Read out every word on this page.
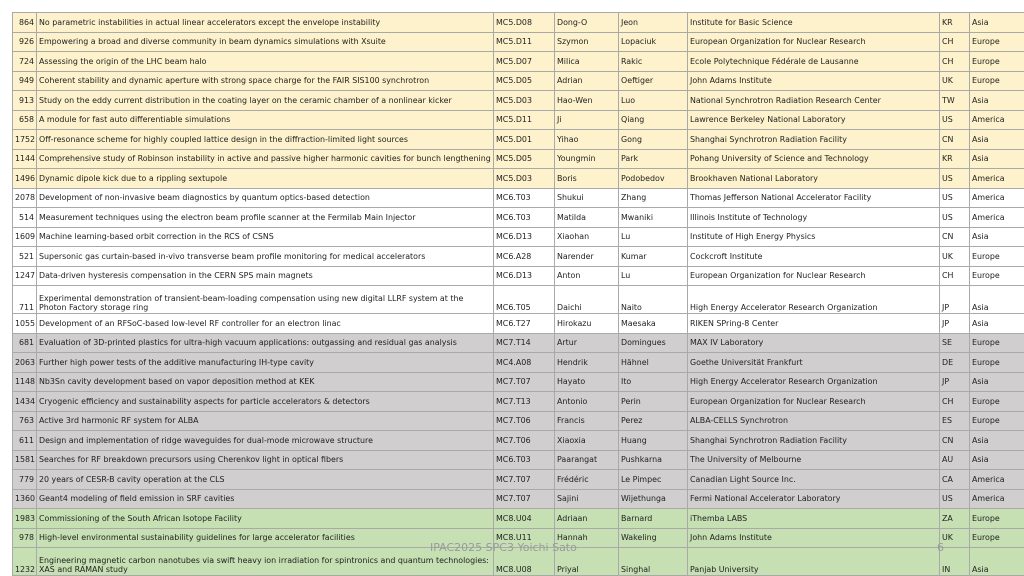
864	No parametric instabilities in actual linear accelerators except the envelope instability	MC5.D08	Dong-O	Jeon	Institute for Basic Science	KR	Asia
926	Empowering a broad and diverse community in beam dynamics simulations with Xsuite	MC5.D11	Szymon	Lopaciuk	European Organization for Nuclear Research	CH	Europe
724	Assessing the origin of the LHC beam halo	MC5.D07	Milica	Rakic	Ecole Polytechnique Fédérale de Lausanne	CH	Europe
949	Coherent stability and dynamic aperture with strong space charge for the FAIR SIS100 synchrotron	MC5.D05	Adrian	Oeftiger	John Adams Institute	UK	Europe
913	Study on the eddy current distribution in the coating layer on the ceramic chamber of a nonlinear kicker	MC5.D03	Hao-Wen	Luo	National Synchrotron Radiation Research Center	TW	Asia
658	A module for fast auto differentiable simulations	MC5.D11	Ji	Qiang	Lawrence Berkeley National Laboratory	US	America
1752	Off-resonance scheme for highly coupled lattice design in the diffraction-limited light sources	MC5.D01	Yihao	Gong	Shanghai Synchrotron Radiation Facility	CN	Asia
1144	Comprehensive study of Robinson instability in active and passive higher harmonic cavities for bunch lengthening	MC5.D05	Youngmin	Park	Pohang University of Science and Technology	KR	Asia
1496	Dynamic dipole kick due to a rippling sextupole	MC5.D03	Boris	Podobedov	Brookhaven National Laboratory	US	America
2078	Development of non-invasive beam diagnostics by quantum optics-based detection	MC6.T03	Shukui	Zhang	Thomas Jefferson National Accelerator Facility	US	America
514	Measurement techniques using the electron beam profile scanner at the Fermilab Main Injector	MC6.T03	Matilda	Mwaniki	Illinois Institute of Technology	US	America
1609	Machine learning-based orbit correction in the RCS of CSNS	MC6.D13	Xiaohan	Lu	Institute of High Energy Physics	CN	Asia
521	Supersonic gas curtain-based in-vivo transverse beam profile monitoring for medical accelerators	MC6.A28	Narender	Kumar	Cockcroft Institute	UK	Europe
1247	Data-driven hysteresis compensation in the CERN SPS main magnets	MC6.D13	Anton	Lu	European Organization for Nuclear Research	CH	Europe
711	Experimental demonstration of transient-beam-loading compensation using new digital LLRF system at the Photon Factory storage ring	MC6.T05	Daichi	Naito	High Energy Accelerator Research Organization	JP	Asia
1055	Development of an RFSoC-based low-level RF controller for an electron linac	MC6.T27	Hirokazu	Maesaka	RIKEN SPring-8 Center	JP	Asia
681	Evaluation of 3D-printed plastics for ultra-high vacuum applications: outgassing and residual gas analysis	MC7.T14	Artur	Domingues	MAX IV Laboratory	SE	Europe
2063	Further high power tests of the additive manufacturing IH-type cavity	MC4.A08	Hendrik	Hähnel	Goethe Universität Frankfurt	DE	Europe
1148	Nb3Sn cavity development based on vapor deposition method at KEK	MC7.T07	Hayato	Ito	High Energy Accelerator Research Organization	JP	Asia
1434	Cryogenic efficiency and sustainability aspects for particle accelerators & detectors	MC7.T13	Antonio	Perin	European Organization for Nuclear Research	CH	Europe
763	Active 3rd harmonic RF system for ALBA	MC7.T06	Francis	Perez	ALBA-CELLS Synchrotron	ES	Europe
611	Design and implementation of ridge waveguides for dual-mode microwave structure	MC7.T06	Xiaoxia	Huang	Shanghai Synchrotron Radiation Facility	CN	Asia
1581	Searches for RF breakdown precursors using Cherenkov light in optical fibers	MC6.T03	Paarangat	Pushkarna	The University of Melbourne	AU	Asia
779	20 years of CESR-B cavity operation at the CLS	MC7.T07	Frédéric	Le Pimpec	Canadian Light Source Inc.	CA	America
1360	Geant4 modeling of field emission in SRF cavities	MC7.T07	Sajini	Wijethunga	Fermi National Accelerator Laboratory	US	America
1983	Commissioning of the South African Isotope Facility	MC8.U04	Adriaan	Barnard	iThemba LABS	ZA	Europe
978	High-level environmental sustainability guidelines for large accelerator facilities	MC8.U11	Hannah	Wakeling	John Adams Institute	UK	Europe
1232	Engineering magnetic carbon nanotubes via swift heavy ion irradiation for spintronics and quantum technologies: XAS and RAMAN study	MC8.U08	Priyal	Singhal	Panjab University	IN	Asia
IPAC2025 SPC3 Yoichi Sato	6
